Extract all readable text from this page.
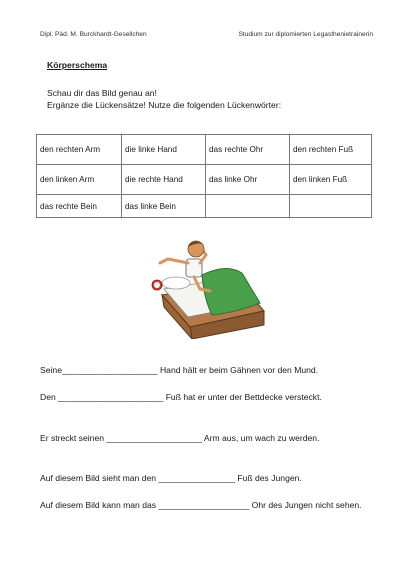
Dipl. Päd. M. Burckhardt-Gesellchen	Studium zur diplomierten Legasthenietrainerin
Körperschema
Schau dir das Bild genau an!
Ergänze die Lückensätze! Nutze die folgenden Lückenwörter:
den rechten Arm	die linke Hand	das rechte Ohr	den rechten Fuß
den linken Arm	die rechte Hand	das linke Ohr	den linken Fuß
das rechte Bein	das linke Bein		
Seine____________________ Hand hält er beim Gähnen vor den Mund.
Den ______________________ Fuß hat er unter der Bettdecke versteckt.
Er streckt seinen ____________________ Arm aus, um wach zu werden.
Auf diesem Bild sieht man den ________________ Fuß des Jungen.
Auf diesem Bild kann man das ___________________ Ohr des Jungen nicht sehen.
